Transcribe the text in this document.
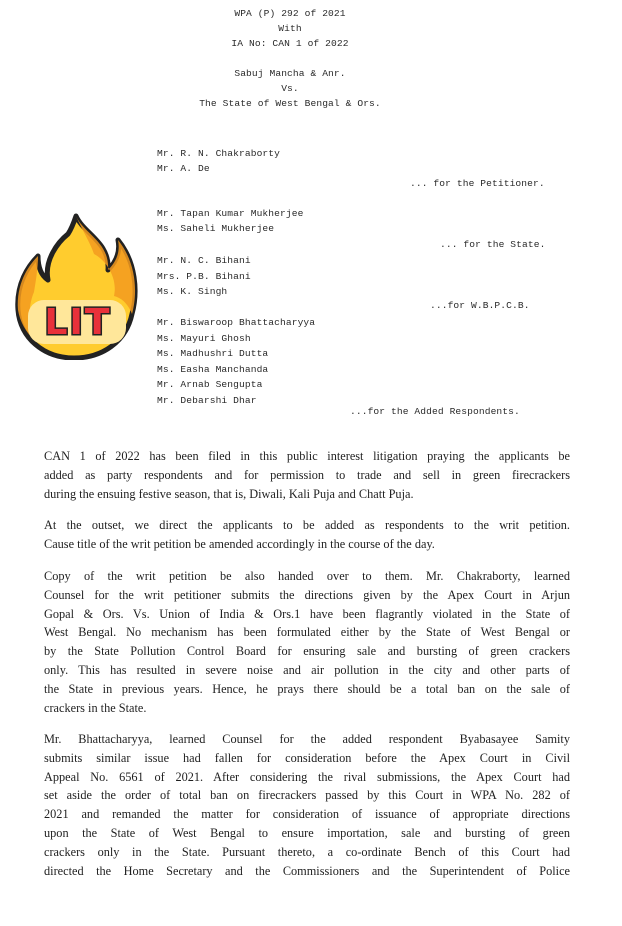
WPA (P) 292 of 2021
With
IA No: CAN 1 of 2022
Sabuj Mancha & Anr.
Vs.
The State of West Bengal & Ors.
Mr. R. N. Chakraborty
Mr. A. De
... for the Petitioner.
Mr. Tapan Kumar Mukherjee
Ms. Saheli Mukherjee
... for the State.
Mr. N. C. Bihani
Mrs. P.B. Bihani
Ms. K. Singh
...for W.B.P.C.B.
Mr. Biswaroop Bhattacharyya
Ms. Mayuri Ghosh
Ms. Madhushri Dutta
Ms. Easha Manchanda
Mr. Arnab Sengupta
Mr. Debarshi Dhar
...for the Added Respondents.
LIT
CAN 1 of 2022 has been filed in this public interest litigation praying the applicants be
added as party respondents and for permission to trade and sell in green firecrackers
during the ensuing festive season, that is, Diwali, Kali Puja and Chatt Puja.
At the outset, we direct the applicants to be added as respondents to the writ petition.
Cause title of the writ petition be amended accordingly in the course of the day.
Copy of the writ petition be also handed over to them. Mr. Chakraborty, learned
Counsel for the writ petitioner submits the directions given by the Apex Court in Arjun
Gopal & Ors. Vs. Union of India & Ors.1 have been flagrantly violated in the State of
West Bengal. No mechanism has been formulated either by the State of West Bengal or
by the State Pollution Control Board for ensuring sale and bursting of green crackers
only. This has resulted in severe noise and air pollution in the city and other parts of
the State in previous years. Hence, he prays there should be a total ban on the sale of
crackers in the State.
Mr. Bhattacharyya, learned Counsel for the added respondent Byabasayee Samity
submits similar issue had fallen for consideration before the Apex Court in Civil
Appeal No. 6561 of 2021. After considering the rival submissions, the Apex Court had
set aside the order of total ban on firecrackers passed by this Court in WPA No. 282 of
2021 and remanded the matter for consideration of issuance of appropriate directions
upon the State of West Bengal to ensure importation, sale and bursting of green
crackers only in the State. Pursuant thereto, a co-ordinate Bench of this Court had
directed the Home Secretary and the Commissioners and the Superintendent of Police
